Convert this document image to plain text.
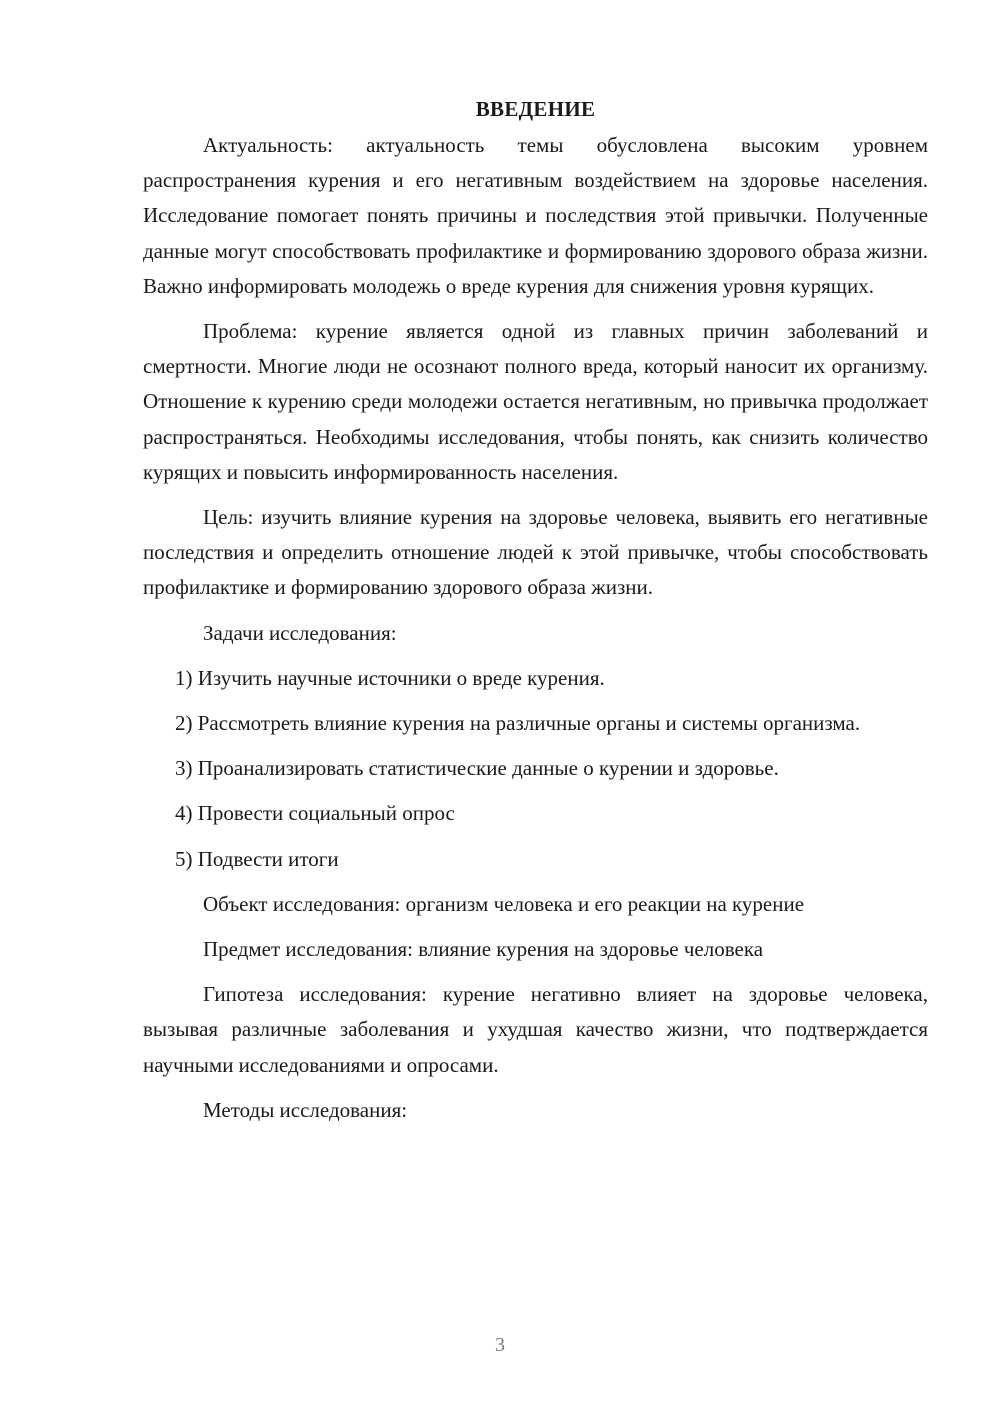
ВВЕДЕНИЕ

Актуальность: актуальность темы обусловлена высоким уровнем распространения курения и его негативным воздействием на здоровье населения. Исследование помогает понять причины и последствия этой привычки. Полученные данные могут способствовать профилактике и формированию здорового образа жизни. Важно информировать молодежь о вреде курения для снижения уровня курящих.

Проблема: курение является одной из главных причин заболеваний и смертности. Многие люди не осознают полного вреда, который наносит их организму. Отношение к курению среди молодежи остается негативным, но привычка продолжает распространяться. Необходимы исследования, чтобы понять, как снизить количество курящих и повысить информированность населения.

Цель: изучить влияние курения на здоровье человека, выявить его негативные последствия и определить отношение людей к этой привычке, чтобы способствовать профилактике и формированию здорового образа жизни.

Задачи исследования:

1) Изучить научные источники о вреде курения.

2) Рассмотреть влияние курения на различные органы и системы организма.

3) Проанализировать статистические данные о курении и здоровье.

4) Провести социальный опрос

5) Подвести итоги

Объект исследования: организм человека и его реакции на курение

Предмет исследования: влияние курения на здоровье человека

Гипотеза исследования: курение негативно влияет на здоровье человека, вызывая различные заболевания и ухудшая качество жизни, что подтверждается научными исследованиями и опросами.

Методы исследования:

3
